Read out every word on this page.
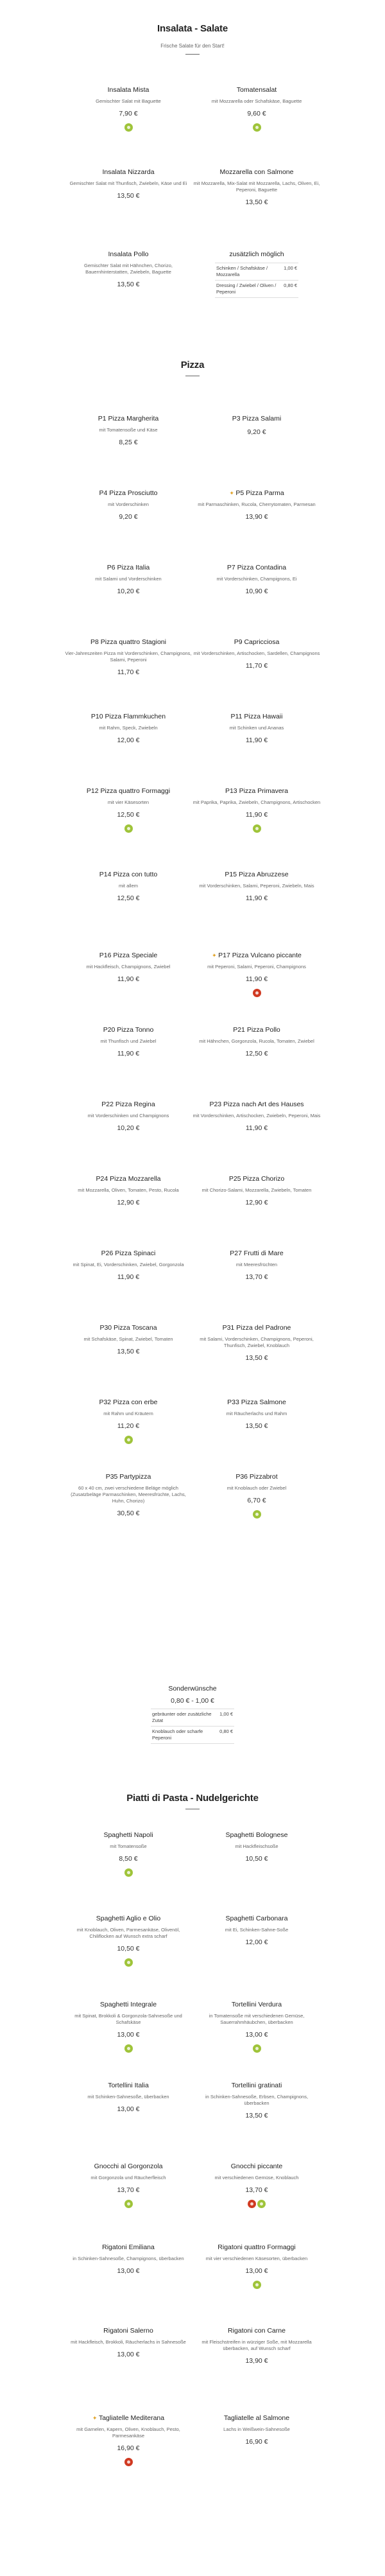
Insalata - Salate
Frische Salate für den Start!
Pizza
Piatti di Pasta - Nudelgerichte
Sonderwünsche
0,80 € - 1,00 €
gebräunter oder zusätzliche Zutat
1,00 €
Knoblauch oder scharfe Peperoni
0,80 €
Insalata Mista
Gemischter Salat mit Baguette
7,90 €
Tomatensalat
mit Mozzarella oder Schafskäse, Baguette
9,60 €
Insalata Nizzarda
Gemischter Salat mit Thunfisch, Zwiebeln, Käse und Ei
13,50 €
Mozzarella con Salmone
mit Mozzarella, Mix-Salat mit Mozzarella, Lachs, Oliven, Ei, Peperoni, Baguette
13,50 €
Insalata Pollo
Gemischter Salat mit Hähnchen, Chorizo, Bauernhinterstatten, Zwiebeln, Baguette
13,50 €
zusätzlich möglich
Schinken / Schafskäse / Mozzarella
1,00 €
Dressing / Zwiebel / Oliven / Peperoni
0,80 €
P1 Pizza Margherita
mit Tomatensoße und Käse
8,25 €
P3 Pizza Salami
9,20 €
P4 Pizza Prosciutto
mit Vorderschinken
9,20 €
✦ P5 Pizza Parma
mit Parmaschinken, Rucola, Cherrytomaten, Parmesan
13,90 €
P6 Pizza Italia
mit Salami und Vorderschinken
10,20 €
P7 Pizza Contadina
mit Vorderschinken, Champignons, Ei
10,90 €
P8 Pizza quattro Stagioni
Vier-Jahreszeiten Pizza mit Vorderschinken, Champignons, Salami, Peperoni
11,70 €
P9 Capricciosa
mit Vorderschinken, Artischocken, Sardellen, Champignons
11,70 €
P10 Pizza Flammkuchen
mit Rahm, Speck, Zwiebeln
12,00 €
P11 Pizza Hawaii
mit Schinken und Ananas
11,90 €
P12 Pizza quattro Formaggi
mit vier Käsesorten
12,50 €
P13 Pizza Primavera
mit Paprika, Paprika, Zwiebeln, Champignons, Artischocken
11,90 €
P14 Pizza con tutto
mit allem
12,50 €
P15 Pizza Abruzzese
mit Vorderschinken, Salami, Peperoni, Zwiebeln, Mais
11,90 €
P16 Pizza Speciale
mit Hackfleisch, Champignons, Zwiebel
11,90 €
✦ P17 Pizza Vulcano piccante
mit Peperoni, Salami, Peperoni, Champignons
11,90 €
P20 Pizza Tonno
mit Thunfisch und Zwiebel
11,90 €
P21 Pizza Pollo
mit Hähnchen, Gorgonzola, Rucola, Tomaten, Zwiebel
12,50 €
P22 Pizza Regina
mit Vorderschinken und Champignons
10,20 €
P23 Pizza nach Art des Hauses
mit Vorderschinken, Artischocken, Zwiebeln, Peperoni, Mais
11,90 €
P24 Pizza Mozzarella
mit Mozzarella, Oliven, Tomaten, Pesto, Rucola
12,90 €
P25 Pizza Chorizo
mit Chorizo-Salami, Mozzarella, Zwiebeln, Tomaten
12,90 €
P26 Pizza Spinaci
mit Spinat, Ei, Vorderschinken, Zwiebel, Gorgonzola
11,90 €
P27 Frutti di Mare
mit Meeresfrüchten
13,70 €
P30 Pizza Toscana
mit Schafskäse, Spinat, Zwiebel, Tomaten
13,50 €
P31 Pizza del Padrone
mit Salami, Vorderschinken, Champignons, Peperoni, Thunfisch, Zwiebel, Knoblauch
13,50 €
P32 Pizza con erbe
mit Rahm und Kräutern
11,20 €
P33 Pizza Salmone
mit Räucherlachs und Rahm
13,50 €
P35 Partypizza
60 x 40 cm, zwei verschiedene Beläge möglich (Zusatzbeläge Parmaschinken, Meeresfrüchte, Lachs, Huhn, Chorizo)
30,50 €
P36 Pizzabrot
mit Knoblauch oder Zwiebel
6,70 €
Spaghetti Napoli
mit Tomatensoße
8,50 €
Spaghetti Bolognese
mit Hackfleischsoße
10,50 €
Spaghetti Aglio e Olio
mit Knoblauch, Oliven, Parmesankäse, Olivenöl, Chiliflocken auf Wunsch extra scharf
10,50 €
Spaghetti Carbonara
mit Ei, Schinken-Sahne-Soße
12,00 €
Spaghetti Integrale
mit Spinat, Brokkoli & Gorgonzola-Sahnesoße und Schafskäse
13,00 €
Tortellini Verdura
in Tomatensoße mit verschiedenen Gemüse, Sauerrahmhäubchen, überbacken
13,00 €
Tortellini Italia
mit Schinken-Sahnesoße, überbacken
13,00 €
Tortellini gratinati
in Schinken-Sahnesoße, Erbsen, Champignons, überbacken
13,50 €
Gnocchi al Gorgonzola
mit Gorgonzola und Räucherfleisch
13,70 €
Gnocchi piccante
mit verschiedenen Gemüse, Knoblauch
13,70 €
Rigatoni Emiliana
in Schinken-Sahnesoße, Champignons, überbacken
13,00 €
Rigatoni quattro Formaggi
mit vier verschiedenen Käsesorten, überbacken
13,00 €
Rigatoni Salerno
mit Hackfleisch, Brokkoli, Räucherlachs in Sahnesoße
13,00 €
Rigatoni con Carne
mit Fleischstreifen in würziger Soße, mit Mozzarella überbacken, auf Wunsch scharf
13,90 €
✦ Tagliatelle Mediterana
mit Garnelen, Kapern, Oliven, Knoblauch, Pesto, Parmesankäse
16,90 €
Tagliatelle al Salmone
Lachs in Weißwein-Sahnesoße
16,90 €
